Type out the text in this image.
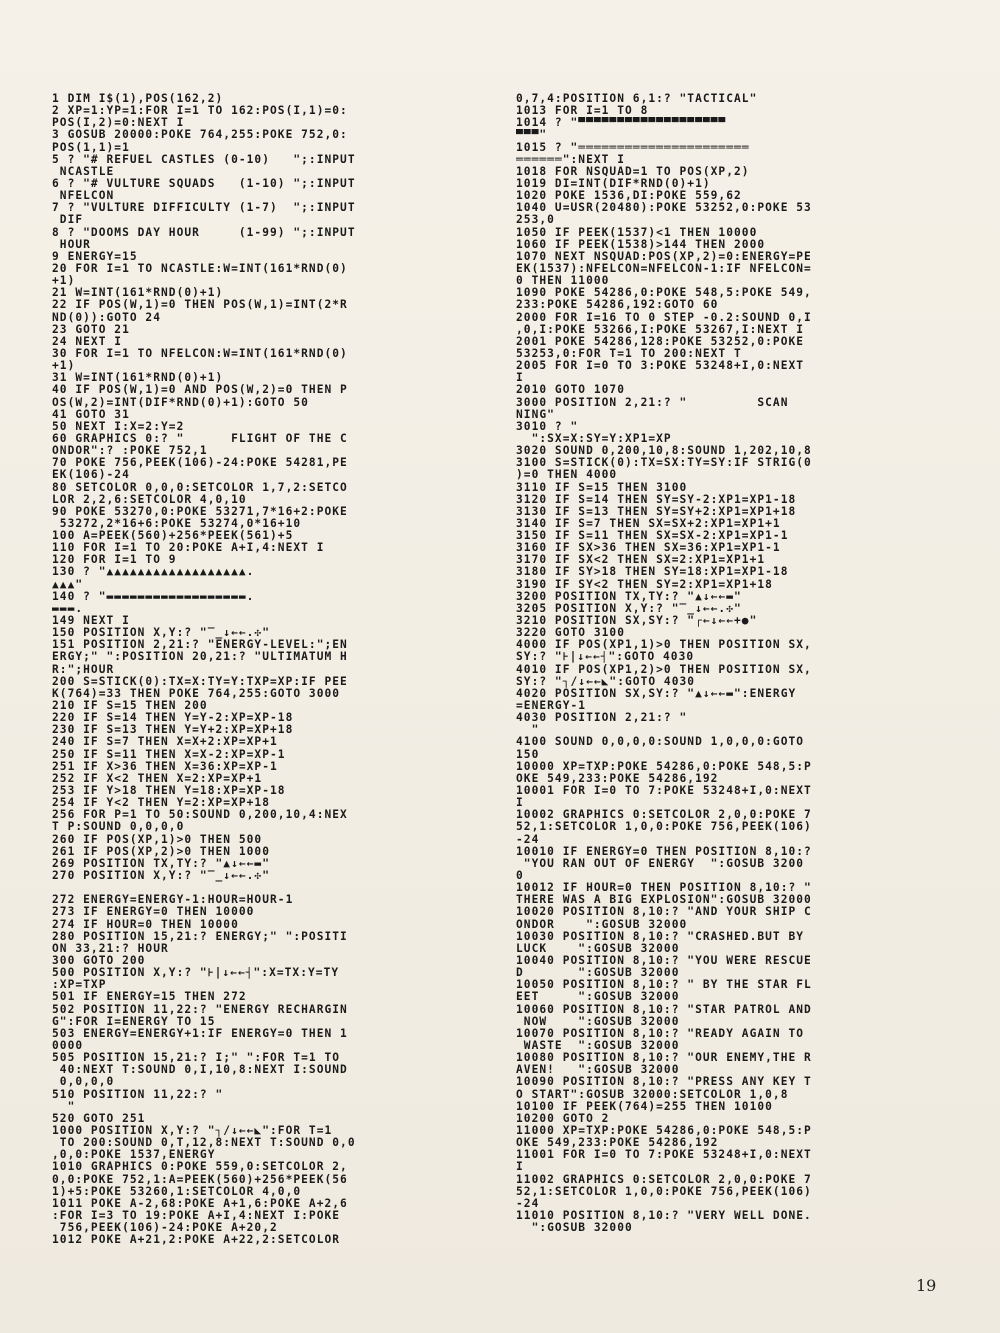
1 DIM I$(1),POS(162,2)
2 XP=1:YP=1:FOR I=1 TO 162:POS(I,1)=0:
POS(I,2)=0:NEXT I
3 GOSUB 20000:POKE 764,255:POKE 752,0:
POS(1,1)=1
5 ? "# REFUEL CASTLES (0-10)   ";:INPUT
NCASTLE
6 ? "# VULTURE SQUADS   (1-10) ";:INPUT
NFELCON
7 ? "VULTURE DIFFICULTY (1-7)  ";:INPUT
DIF
8 ? "DOOMS DAY HOUR     (1-99) ";:INPUT
HOUR
9 ENERGY=15
20 FOR I=1 TO NCASTLE:W=INT(161*RND(0)
+1)
21 W=INT(161*RND(0)+1)
22 IF POS(W,1)=0 THEN POS(W,1)=INT(2*R
ND(0)):GOTO 24
23 GOTO 21
24 NEXT I
30 FOR I=1 TO NFELCON:W=INT(161*RND(0)
+1)
31 W=INT(161*RND(0)+1)
40 IF POS(W,1)=0 AND POS(W,2)=0 THEN P
OS(W,2)=INT(DIF*RND(0)+1):GOTO 50
41 GOTO 31
50 NEXT I:X=2:Y=2
60 GRAPHICS 0:? "      FLIGHT OF THE C
ONDOR":? :POKE 752,1
70 POKE 756,PEEK(106)-24:POKE 54281,PE
EK(106)-24
80 SETCOLOR 0,0,0:SETCOLOR 1,7,2:SETCO
LOR 2,2,6:SETCOLOR 4,0,10
90 POKE 53270,0:POKE 53271,7*16+2:POKE
53272,2*16+6:POKE 53274,0*16+10
100 A=PEEK(560)+256*PEEK(561)+5
110 FOR I=1 TO 20:POKE A+I,4:NEXT I
120 FOR I=1 TO 9
130 ? "▲▲▲▲▲▲▲▲▲▲▲▲▲▲▲▲▲▲.
▲▲▲"
140 ? "▬▬▬▬▬▬▬▬▬▬▬▬▬▬▬▬▬▬.
▬▬▬.
149 NEXT I
150 POSITION X,Y:? "‾_↓←←.✣"
151 POSITION 2,21:? "ENERGY-LEVEL:";EN
ERGY;" ":POSITION 20,21:? "ULTIMATUM H
R:";HOUR
200 S=STICK(0):TX=X:TY=Y:TXP=XP:IF PEE
K(764)=33 THEN POKE 764,255:GOTO 3000
210 IF S=15 THEN 200
220 IF S=14 THEN Y=Y-2:XP=XP-18
230 IF S=13 THEN Y=Y+2:XP=XP+18
240 IF S=7 THEN X=X+2:XP=XP+1
250 IF S=11 THEN X=X-2:XP=XP-1
251 IF X>36 THEN X=36:XP=XP-1
252 IF X<2 THEN X=2:XP=XP+1
253 IF Y>18 THEN Y=18:XP=XP-18
254 IF Y<2 THEN Y=2:XP=XP+18
256 FOR P=1 TO 50:SOUND 0,200,10,4:NEX
T P:SOUND 0,0,0,0
260 IF POS(XP,1)>0 THEN 500
261 IF POS(XP,2)>0 THEN 1000
269 POSITION TX,TY:? "▲↓←←▬"
270 POSITION X,Y:? "‾_↓←←.✣"
272 ENERGY=ENERGY-1:HOUR=HOUR-1
273 IF ENERGY=0 THEN 10000
274 IF HOUR=0 THEN 10000
280 POSITION 15,21:? ENERGY;" ":POSITI
ON 33,21:? HOUR
300 GOTO 200
500 POSITION X,Y:? "⊦|↓←←┤":X=TX:Y=TY
:XP=TXP
501 IF ENERGY=15 THEN 272
502 POSITION 11,22:? "ENERGY RECHARGIN
G":FOR I=ENERGY TO 15
503 ENERGY=ENERGY+1:IF ENERGY=0 THEN 1
0000
505 POSITION 15,21:? I;" ":FOR T=1 TO
40:NEXT T:SOUND 0,I,10,8:NEXT I:SOUND
0,0,0,0
510 POSITION 11,22:? "
"
520 GOTO 251
1000 POSITION X,Y:? "┐/↓←←◣":FOR T=1
TO 200:SOUND 0,T,12,8:NEXT T:SOUND 0,0
,0,0:POKE 1537,ENERGY
1010 GRAPHICS 0:POKE 559,0:SETCOLOR 2,
0,0:POKE 752,1:A=PEEK(560)+256*PEEK(56
1)+5:POKE 53260,1:SETCOLOR 4,0,0
1011 POKE A-2,68:POKE A+1,6:POKE A+2,6
:FOR I=3 TO 19:POKE A+I,4:NEXT I:POKE
756,PEEK(106)-24:POKE A+20,2
1012 POKE A+21,2:POKE A+22,2:SETCOLOR
0,7,4:POSITION 6,1:? "TACTICAL"
1013 FOR I=1 TO 8
1014 ? "▀▀▀▀▀▀▀▀▀▀▀▀▀▀▀▀▀▀▀
▀▀▀"
1015 ? "══════════════════════
══════":NEXT I
1018 FOR NSQUAD=1 TO POS(XP,2)
1019 DI=INT(DIF*RND(0)+1)
1020 POKE 1536,DI:POKE 559,62
1040 U=USR(20480):POKE 53252,0:POKE 53
253,0
1050 IF PEEK(1537)<1 THEN 10000
1060 IF PEEK(1538)>144 THEN 2000
1070 NEXT NSQUAD:POS(XP,2)=0:ENERGY=PE
EK(1537):NFELCON=NFELCON-1:IF NFELCON=
0 THEN 11000
1090 POKE 54286,0:POKE 548,5:POKE 549,
233:POKE 54286,192:GOTO 60
2000 FOR I=16 TO 0 STEP -0.2:SOUND 0,I
,0,I:POKE 53266,I:POKE 53267,I:NEXT I
2001 POKE 54286,128:POKE 53252,0:POKE
53253,0:FOR T=1 TO 200:NEXT T
2005 FOR I=0 TO 3:POKE 53248+I,0:NEXT
I
2010 GOTO 1070
3000 POSITION 2,21:? "         SCAN
NING"
3010 ? "
":SX=X:SY=Y:XP1=XP
3020 SOUND 0,200,10,8:SOUND 1,202,10,8
3100 S=STICK(0):TX=SX:TY=SY:IF STRIG(0
)=0 THEN 4000
3110 IF S=15 THEN 3100
3120 IF S=14 THEN SY=SY-2:XP1=XP1-18
3130 IF S=13 THEN SY=SY+2:XP1=XP1+18
3140 IF S=7 THEN SX=SX+2:XP1=XP1+1
3150 IF S=11 THEN SX=SX-2:XP1=XP1-1
3160 IF SX>36 THEN SX=36:XP1=XP1-1
3170 IF SX<2 THEN SX=2:XP1=XP1+1
3180 IF SY>18 THEN SY=18:XP1=XP1-18
3190 IF SY<2 THEN SY=2:XP1=XP1+18
3200 POSITION TX,TY:? "▲↓←←▬"
3205 POSITION X,Y:? "‾_↓←←.✣"
3210 POSITION SX,SY:? "┌←↓←←+●"
3220 GOTO 3100
4000 IF POS(XP1,1)>0 THEN POSITION SX,
SY:? "⊦|↓←←┤":GOTO 4030
4010 IF POS(XP1,2)>0 THEN POSITION SX,
SY:? "┐/↓←←◣":GOTO 4030
4020 POSITION SX,SY:? "▲↓←←▬":ENERGY
=ENERGY-1
4030 POSITION 2,21:? "
"
4100 SOUND 0,0,0,0:SOUND 1,0,0,0:GOTO
150
10000 XP=TXP:POKE 54286,0:POKE 548,5:P
OKE 549,233:POKE 54286,192
10001 FOR I=0 TO 7:POKE 53248+I,0:NEXT
I
10002 GRAPHICS 0:SETCOLOR 2,0,0:POKE 7
52,1:SETCOLOR 1,0,0:POKE 756,PEEK(106)
-24
10010 IF ENERGY=0 THEN POSITION 8,10:?
"YOU RAN OUT OF ENERGY  ":GOSUB 3200
0
10012 IF HOUR=0 THEN POSITION 8,10:? "
THERE WAS A BIG EXPLOSION":GOSUB 32000
10020 POSITION 8,10:? "AND YOUR SHIP C
ONDOR    ":GOSUB 32000
10030 POSITION 8,10:? "CRASHED.BUT BY
LUCK    ":GOSUB 32000
10040 POSITION 8,10:? "YOU WERE RESCUE
D       ":GOSUB 32000
10050 POSITION 8,10:? " BY THE STAR FL
EET     ":GOSUB 32000
10060 POSITION 8,10:? "STAR PATROL AND
NOW    ":GOSUB 32000
10070 POSITION 8,10:? "READY AGAIN TO
WASTE  ":GOSUB 32000
10080 POSITION 8,10:? "OUR ENEMY,THE R
AVEN!   ":GOSUB 32000
10090 POSITION 8,10:? "PRESS ANY KEY T
O START":GOSUB 32000:SETCOLOR 1,0,8
10100 IF PEEK(764)=255 THEN 10100
10200 GOTO 2
11000 XP=TXP:POKE 54286,0:POKE 548,5:P
OKE 549,233:POKE 54286,192
11001 FOR I=0 TO 7:POKE 53248+I,0:NEXT
I
11002 GRAPHICS 0:SETCOLOR 2,0,0:POKE 7
52,1:SETCOLOR 1,0,0:POKE 756,PEEK(106)
-24
11010 POSITION 8,10:? "VERY WELL DONE.
":GOSUB 32000
19
